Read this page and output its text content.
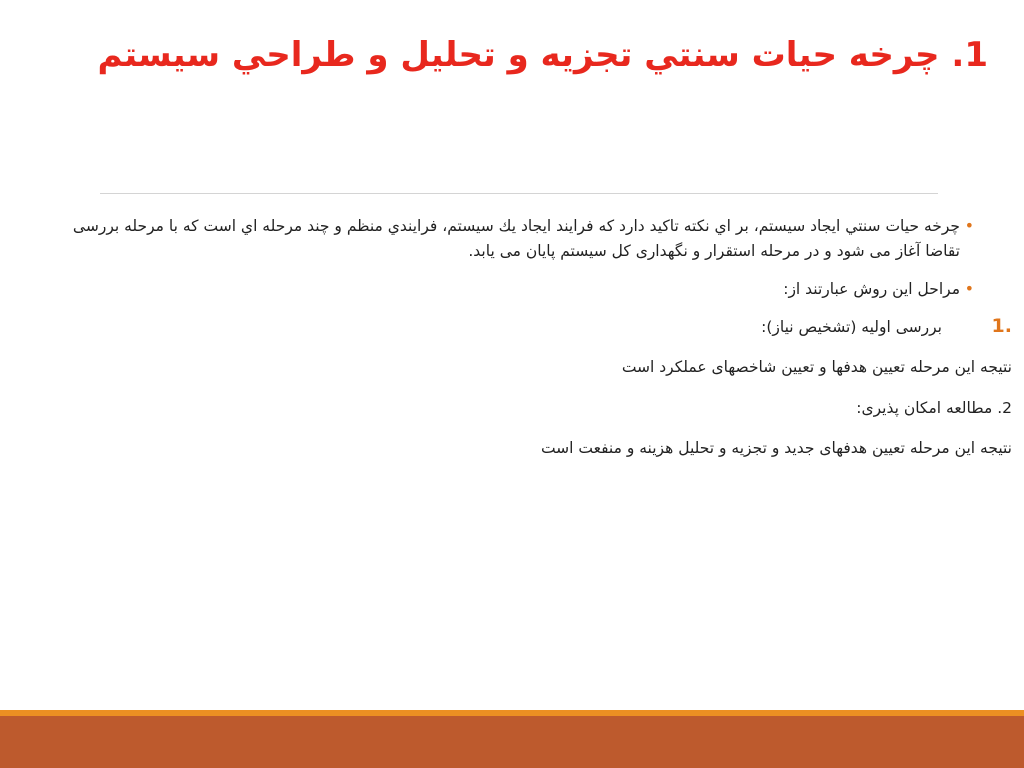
1. چرخه حيات سنتي تجزيه و تحليل و طراحي سيستم

•
چرخه حيات سنتي ايجاد سيستم، بر اي نكته تاكيد دارد كه فرايند ايجاد يك سيستم، فرايندي منظم و چند مرحله اي است كه با مرحله بررسی تقاضا آغاز می شود و در مرحله استقرار و نگهداری كل سيستم پايان می يابد.

•
مراحل اين روش عبارتند از:

1.
بررسی اوليه (تشخيص نياز):

نتيجه اين مرحله تعيين هدفها و تعيين شاخصهای عملكرد است

2. مطالعه امكان پذيری:

نتيجه اين مرحله تعيين هدفهای جديد و تجزيه و تحليل هزينه و منفعت است
